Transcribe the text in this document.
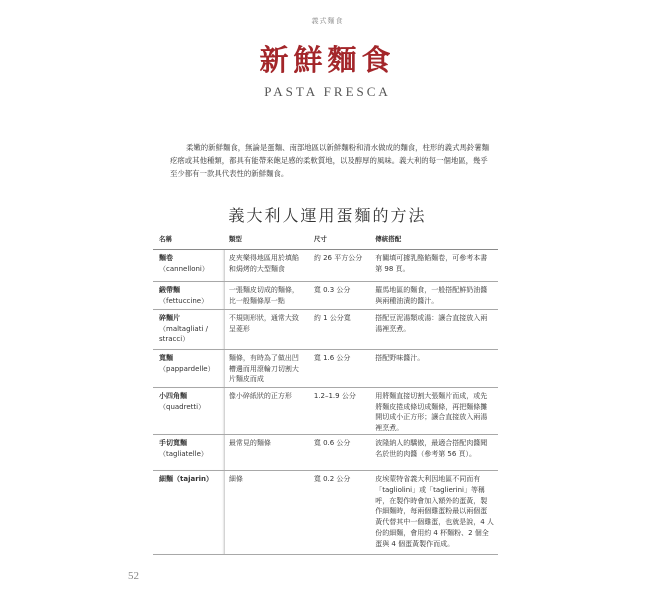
義式麵食
新鮮麵食
PASTA FRESCA

柔嫩的新鮮麵食，無論是蛋麵、南部地區以新鮮麵粉和清水做成的麵食，柱形的義式馬鈴薯麵疙瘩或其他種類，都具有能帶來飽足感的柔軟質地，以及醇厚的風味。義大利的每一個地區，幾乎至少都有一款具代表性的新鮮麵食。

義大利人運用蛋麵的方法
名稱	類型	尺寸	傳統搭配

麵卷
（cannelloni）	皮夾樂得地區用於填餡和焗烤的大型麵食	約 26 平方公分	有關填可據乳酪餡麵卷，可參考本書第 98 頁。

緞帶麵
（fettuccine）	一張麵皮切成的麵條，比一般麵條厚一點	寬 0.3 公分	羅馬地區的麵食，一般搭配鮮奶油醬與兩種油漬的醬汁。

碎麵片
（maltagliati / stracci）	不規則形狀，通常大致呈菱形	約 1 公分寬	搭配豆泥湯類或湯：讓合直接放入兩湯裡烹煮。

寬麵
（pappardelle）	麵條，有時為了做出凹槽邊而用滾輪刀切割大片麵皮而成	寬 1.6 公分	搭配野味醬汁。

小四角麵
（quadretti）	像小碎紙狀的正方形	1.2–1.9 公分	用將麵直接切割大張麵片而成，或先將麵皮捲成條切成麵條，再把麵條攤開切成小正方形；讓合直接放入兩湯裡烹煮。

手切寬麵
（tagliatelle）	最常見的麵條	寬 0.6 公分	波隆納人的驕傲，最適合搭配肉醬聞名於世的肉醬（參考第 56 頁）。

細麵（tajarin）	細條	寬 0.2 公分	皮埃蒙特省義大利因地區不同而有「tagliolini」或「taglierini」等稱呼，在製作時會加入額外的蛋黃，製作細麵時，每兩個雞蛋粉最以兩個蛋黃代替其中一個雞蛋，也就是說，4 人份的細麵，會用約 4 杯麵粉、2 個全蛋與 4 個蛋黃製作而成。
52
